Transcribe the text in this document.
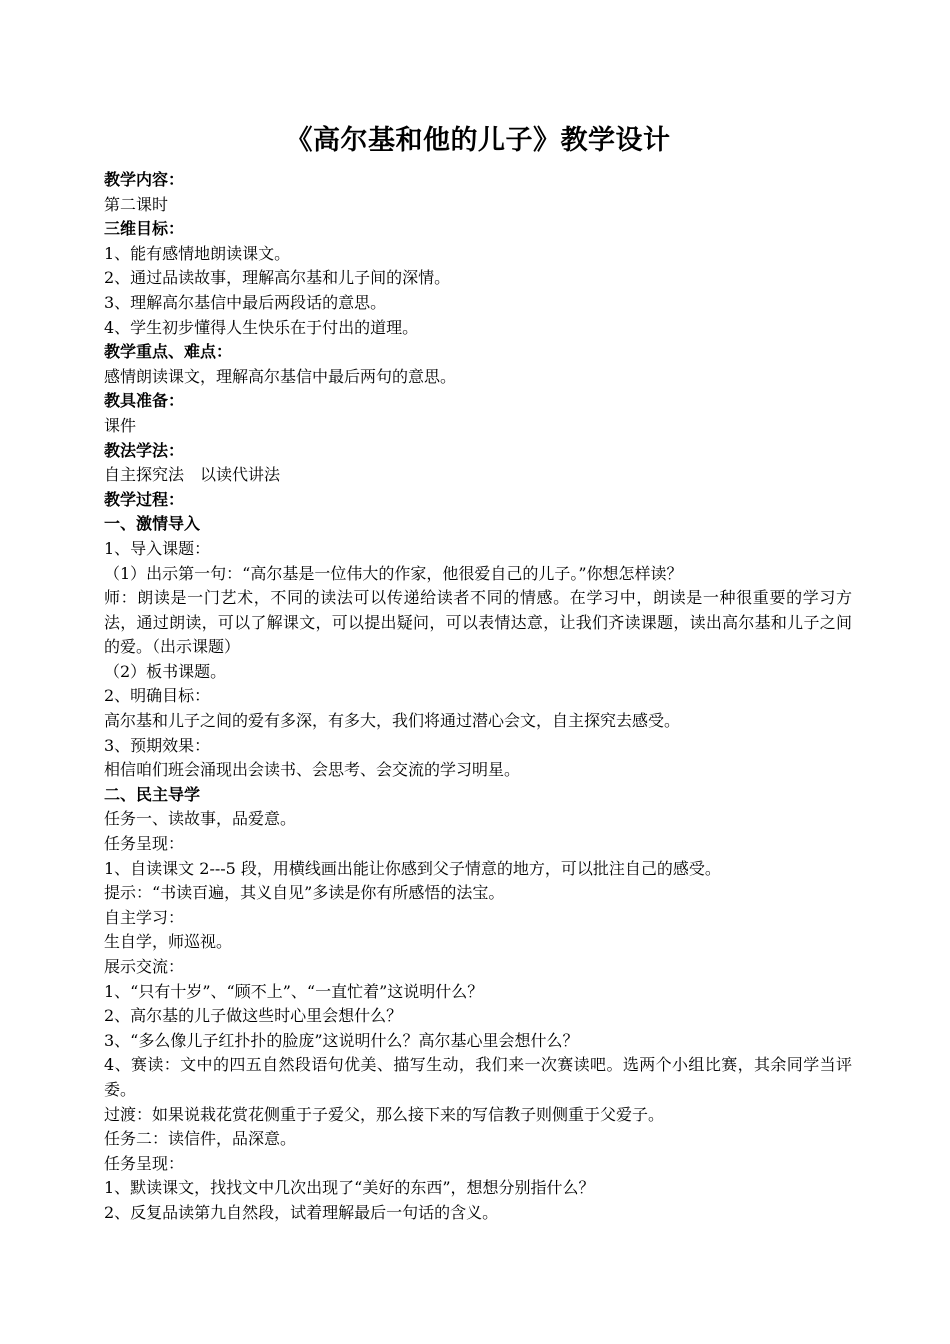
《高尔基和他的儿子》教学设计

教学内容：

第二课时

三维目标：

1、能有感情地朗读课文。

2、通过品读故事，理解高尔基和儿子间的深情。

3、理解高尔基信中最后两段话的意思。

4、学生初步懂得人生快乐在于付出的道理。

教学重点、难点：

感情朗读课文，理解高尔基信中最后两句的意思。

教具准备：

课件

教法学法：

自主探究法　以读代讲法

教学过程：

一、激情导入

1、导入课题：

（1）出示第一句：“高尔基是一位伟大的作家，他很爱自己的儿子。”你想怎样读？

师：朗读是一门艺术，不同的读法可以传递给读者不同的情感。在学习中，朗读是一种很重要的学习方法，通过朗读，可以了解课文，可以提出疑问，可以表情达意，让我们齐读课题，读出高尔基和儿子之间的爱。（出示课题）

（2）板书课题。

2、明确目标：

高尔基和儿子之间的爱有多深，有多大，我们将通过潜心会文，自主探究去感受。

3、预期效果：

相信咱们班会涌现出会读书、会思考、会交流的学习明星。

二、民主导学

任务一、读故事，品爱意。

任务呈现：

1、自读课文 2---5 段，用横线画出能让你感到父子情意的地方，可以批注自己的感受。

提示：“书读百遍，其义自见”多读是你有所感悟的法宝。

自主学习：

生自学，师巡视。

展示交流：

1、“只有十岁”、“顾不上”、“一直忙着”这说明什么？

2、高尔基的儿子做这些时心里会想什么？

3、“多么像儿子红扑扑的脸庞”这说明什么？高尔基心里会想什么？

4、赛读：文中的四五自然段语句优美、描写生动，我们来一次赛读吧。选两个小组比赛，其余同学当评委。

过渡：如果说栽花赏花侧重于子爱父，那么接下来的写信教子则侧重于父爱子。

任务二：读信件，品深意。

任务呈现：

1、默读课文，找找文中几次出现了“美好的东西”，想想分别指什么？

2、反复品读第九自然段，试着理解最后一句话的含义。
